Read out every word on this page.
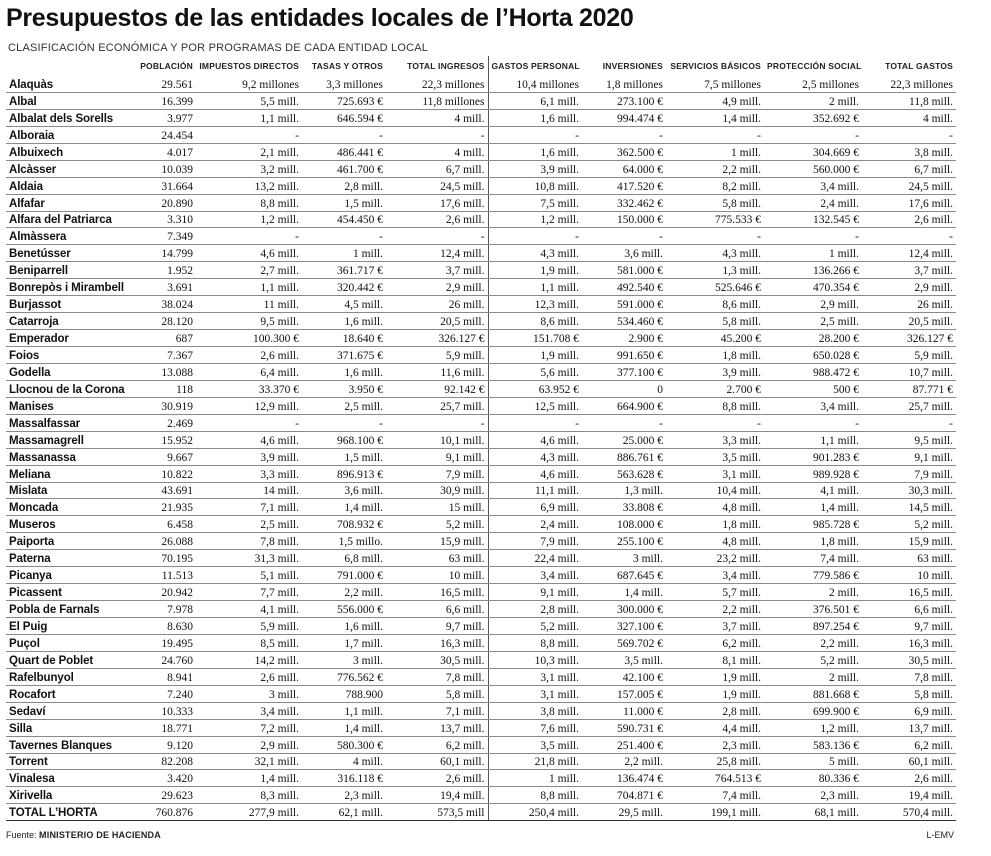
Presupuestos de las entidades locales de l’Horta 2020
CLASIFICACIÓN ECONÓMICA Y POR PROGRAMAS DE CADA ENTIDAD LOCAL
	POBLACIÓN	IMPUESTOS DIRECTOS	TASAS Y OTROS	TOTAL INGRESOS	GASTOS PERSONAL	INVERSIONES	SERVICIOS BÁSICOS	PROTECCIÓN SOCIAL	TOTAL GASTOS
Alaquàs	29.561	9,2 millones	3,3 millones	22,3 millones	10,4 millones	1,8 millones	7,5 millones	2,5 millones	22,3 millones
Albal	16.399	5,5 mill.	725.693 €	11,8 millones	6,1 mill.	273.100 €	4,9 mill.	2 mill.	11,8 mill.
Albalat dels Sorells	3.977	1,1 mill.	646.594 €	4 mill.	1,6 mill.	994.474 €	1,4 mill.	352.692 €	4 mill.
Alboraia	24.454	-	-	-	-	-	-	-	-
Albuixech	4.017	2,1 mill.	486.441 €	4 mill.	1,6 mill.	362.500 €	1 mill.	304.669 €	3,8 mill.
Alcàsser	10.039	3,2 mill.	461.700 €	6,7 mill.	3,9 mill.	64.000 €	2,2 mill.	560.000 €	6,7 mill.
Aldaia	31.664	13,2 mill.	2,8 mill.	24,5 mill.	10,8 mill.	417.520 €	8,2 mill.	3,4 mill.	24,5 mill.
Alfafar	20.890	8,8 mill.	1,5 mill.	17,6 mill.	7,5 mill.	332.462 €	5,8 mill.	2,4 mill.	17,6 mill.
Alfara del Patriarca	3.310	1,2 mill.	454.450 €	2,6 mill.	1,2 mill.	150.000 €	775.533 €	132.545 €	2,6 mill.
Almàssera	7.349	-	-	-	-	-	-	-	-
Benetússer	14.799	4,6 mill.	1 mill.	12,4 mill.	4,3 mill.	3,6 mill.	4,3 mill.	1 mill.	12,4 mill.
Beniparrell	1.952	2,7 mill.	361.717 €	3,7 mill.	1,9 mill.	581.000 €	1,3 mill.	136.266 €	3,7 mill.
Bonrepòs i Mirambell	3.691	1,1 mill.	320.442 €	2,9 mill.	1,1 mill.	492.540 €	525.646 €	470.354 €	2,9 mill.
Burjassot	38.024	11 mill.	4,5 mill.	26 mill.	12,3 mill.	591.000 €	8,6 mill.	2,9 mill.	26 mill.
Catarroja	28.120	9,5 mill.	1,6 mill.	20,5 mill.	8,6 mill.	534.460 €	5,8 mill.	2,5 mill.	20,5 mill.
Emperador	687	100.300 €	18.640 €	326.127 €	151.708 €	2.900 €	45.200 €	28.200 €	326.127 €
Foios	7.367	2,6 mill.	371.675 €	5,9 mill.	1,9 mill.	991.650 €	1,8 mill.	650.028 €	5,9 mill.
Godella	13.088	6,4 mill.	1,6 mill.	11,6 mill.	5,6 mill.	377.100 €	3,9 mill.	988.472 €	10,7 mill.
Llocnou de la Corona	118	33.370 €	3.950 €	92.142 €	63.952 €	0	2.700 €	500 €	87.771 €
Manises	30.919	12,9 mill.	2,5 mill.	25,7 mill.	12,5 mill.	664.900 €	8,8 mill.	3,4 mill.	25,7 mill.
Massalfassar	2.469	-	-	-	-	-	-	-	-
Massamagrell	15.952	4,6 mill.	968.100 €	10,1 mill.	4,6 mill.	25.000 €	3,3 mill.	1,1 mill.	9,5 mill.
Massanassa	9.667	3,9 mill.	1,5 mill.	9,1 mill.	4,3 mill.	886.761 €	3,5 mill.	901.283 €	9,1 mill.
Meliana	10.822	3,3 mill.	896.913 €	7,9 mill.	4,6 mill.	563.628 €	3,1 mill.	989.928 €	7,9 mill.
Mislata	43.691	14 mill.	3,6 mill.	30,9 mill.	11,1 mill.	1,3 mill.	10,4 mill.	4,1 mill.	30,3 mill.
Moncada	21.935	7,1 mill.	1,4 mill.	15 mill.	6,9 mill.	33.808 €	4,8 mill.	1,4 mill.	14,5 mill.
Museros	6.458	2,5 mill.	708.932 €	5,2 mill.	2,4 mill.	108.000 €	1,8 mill.	985.728 €	5,2 mill.
Paiporta	26.088	7,8 mill.	1,5 millo.	15,9 mill.	7,9 mill.	255.100 €	4,8 mill.	1,8 mill.	15,9 mill.
Paterna	70.195	31,3 mill.	6,8 mill.	63 mill.	22,4 mill.	3 mill.	23,2 mill.	7,4 mill.	63 mill.
Picanya	11.513	5,1 mill.	791.000 €	10 mill.	3,4 mill.	687.645 €	3,4 mill.	779.586 €	10 mill.
Picassent	20.942	7,7 mill.	2,2 mill.	16,5 mill.	9,1 mill.	1,4 mill.	5,7 mill.	2 mill.	16,5 mill.
Pobla de Farnals	7.978	4,1 mill.	556.000 €	6,6 mill.	2,8 mill.	300.000 €	2,2 mill.	376.501 €	6,6 mill.
El Puig	8.630	5,9 mill.	1,6 mill.	9,7 mill.	5,2 mill.	327.100 €	3,7 mill.	897.254 €	9,7 mill.
Puçol	19.495	8,5 mill.	1,7 mill.	16,3 mill.	8,8 mill.	569.702 €	6,2 mill.	2,2 mill.	16,3 mill.
Quart de Poblet	24.760	14,2 mill.	3 mill.	30,5 mill.	10,3 mill.	3,5 mill.	8,1 mill.	5,2 mill.	30,5 mill.
Rafelbunyol	8.941	2,6 mill.	776.562 €	7,8 mill.	3,1 mill.	42.100 €	1,9 mill.	2 mill.	7,8 mill.
Rocafort	7.240	3 mill.	788.900	5,8 mill.	3,1 mill.	157.005 €	1,9 mill.	881.668 €	5,8 mill.
Sedaví	10.333	3,4 mill.	1,1 mill.	7,1 mill.	3,8 mill.	11.000 €	2,8 mill.	699.900 €	6,9 mill.
Silla	18.771	7,2 mill.	1,4 mill.	13,7 mill.	7,6 mill.	590.731 €	4,4 mill.	1,2 mill.	13,7 mill.
Tavernes Blanques	9.120	2,9 mill.	580.300 €	6,2 mill.	3,5 mill.	251.400 €	2,3 mill.	583.136 €	6,2 mill.
Torrent	82.208	32,1 mill.	4 mill.	60,1 mill.	21,8 mill.	2,2 mill.	25,8 mill.	5 mill.	60,1 mill.
Vinalesa	3.420	1,4 mill.	316.118 €	2,6 mill.	1 mill.	136.474 €	764.513 €	80.336 €	2,6 mill.
Xirivella	29.623	8,3 mill.	2,3 mill.	19,4 mill.	8,8 mill.	704.871 €	7,4 mill.	2,3 mill.	19,4 mill.
TOTAL L’HORTA	760.876	277,9 mill.	62,1 mill.	573,5 mill	250,4 mill.	29,5 mill.	199,1 mill.	68,1 mill.	570,4 mill.
Fuente: MINISTERIO DE HACIENDA	L-EMV
